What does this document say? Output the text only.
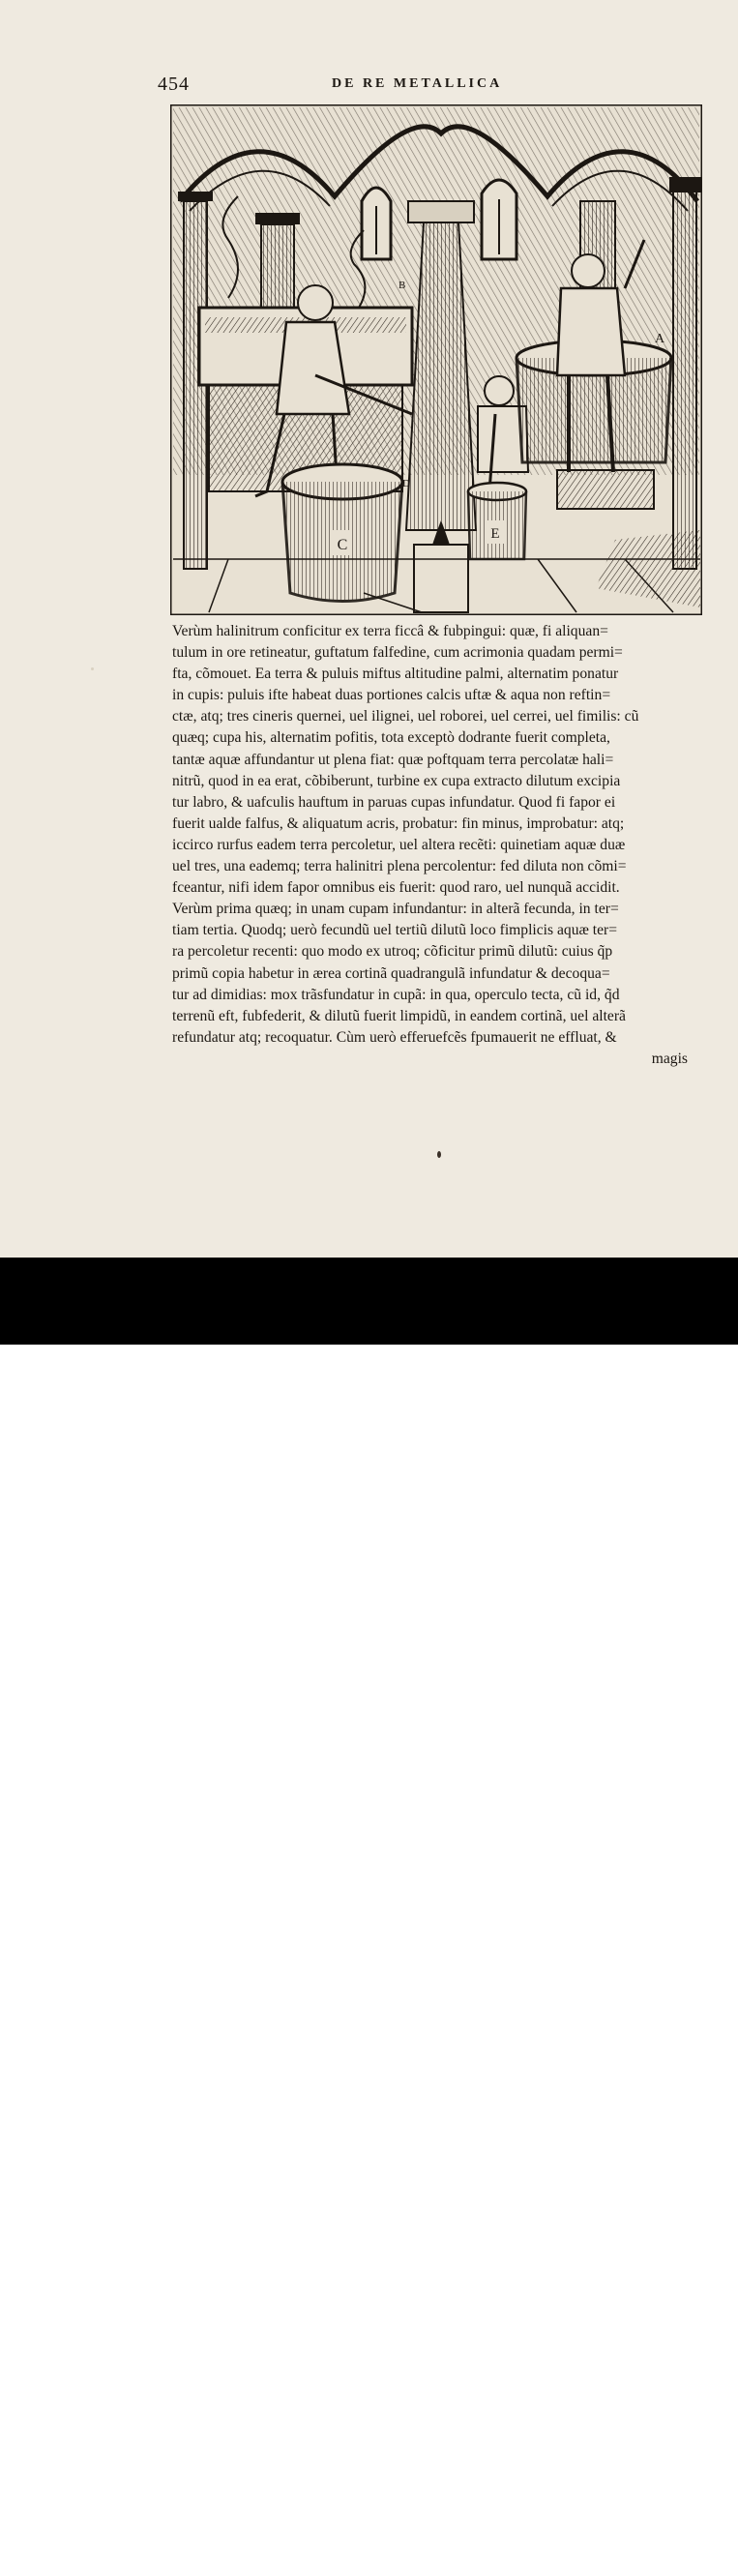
454	DE RE METALLICA
C
E
A
B
D
Verùm halinitrum conficitur ex terra ficcâ & fubpingui: quæ, fi aliquan=
tulum in ore retineatur, guftatum falfedine, cum acrimonia quadam permi=
fta, cõmouet. Ea terra & puluis miftus altitudine palmi, alternatim ponatur
in cupis: puluis ifte habeat duas portiones calcis uftæ & aqua non reftin=
ctæ, atq; tres cineris quernei, uel ilignei, uel roborei, uel cerrei, uel fimilis: cũ
quæq; cupa his, alternatim pofitis, tota exceptò dodrante fuerit completa,
tantæ aquæ affundantur ut plena fiat: quæ poftquam terra percolatæ hali=
nitrũ, quod in ea erat, cõbiberunt, turbine ex cupa extracto dilutum excipia
tur labro, & uafculis hauftum in paruas cupas infundatur. Quod fi fapor ei
fuerit ualde falfus, & aliquatum acris, probatur: fin minus, improbatur: atq;
iccirco rurfus eadem terra percoletur, uel altera recẽti: quinetiam aquæ duæ
uel tres, una eademq; terra halinitri plena percolentur: fed diluta non cõmi=
fceantur, nifi idem fapor omnibus eis fuerit: quod raro, uel nunquã accidit.
Verùm prima quæq; in unam cupam infundantur: in alterã fecunda, in ter=
tiam tertia. Quodq; uerò fecundũ uel tertiũ dilutũ loco fimplicis aquæ ter=
ra percoletur recenti: quo modo ex utroq; cõficitur primũ dilutũ: cuius q̃p
primũ copia habetur in ærea cortinã quadrangulã infundatur & decoqua=
tur ad dimidias: mox trãsfundatur in cupã: in qua, operculo tecta, cũ id, q̃d
terrenũ eft, fubfederit, & dilutũ fuerit limpidũ, in eandem cortinã, uel alterã
refundatur atq; recoquatur. Cùm uerò efferuefcẽs fpumauerit ne effluat, &
magis
alamy	PR1GJ2
